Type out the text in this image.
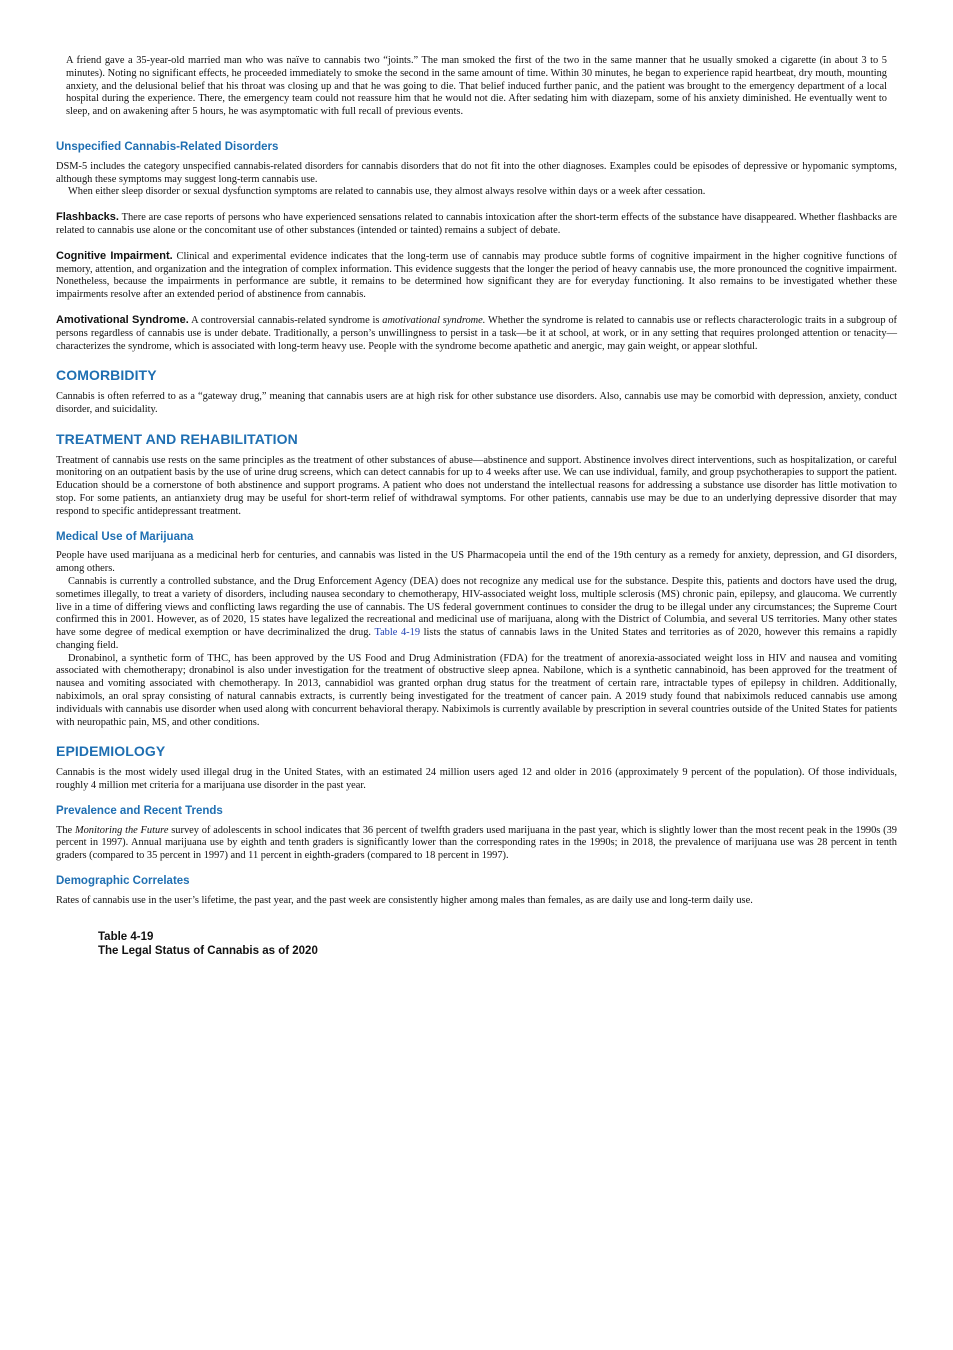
A friend gave a 35-year-old married man who was naïve to cannabis two “joints.” The man smoked the first of the two in the same manner that he usually smoked a cigarette (in about 3 to 5 minutes). Noting no significant effects, he proceeded immediately to smoke the second in the same amount of time. Within 30 minutes, he began to experience rapid heartbeat, dry mouth, mounting anxiety, and the delusional belief that his throat was closing up and that he was going to die. That belief induced further panic, and the patient was brought to the emergency department of a local hospital during the experience. There, the emergency team could not reassure him that he would not die. After sedating him with diazepam, some of his anxiety diminished. He eventually went to sleep, and on awakening after 5 hours, he was asymptomatic with full recall of previous events.

Unspecified Cannabis-Related Disorders

DSM-5 includes the category unspecified cannabis-related disorders for cannabis disorders that do not fit into the other diagnoses. Examples could be episodes of depressive or hypomanic symptoms, although these symptoms may suggest long-term cannabis use.

When either sleep disorder or sexual dysfunction symptoms are related to cannabis use, they almost always resolve within days or a week after cessation.

Flashbacks. There are case reports of persons who have experienced sensations related to cannabis intoxication after the short-term effects of the substance have disappeared. Whether flashbacks are related to cannabis use alone or the concomitant use of other substances (intended or tainted) remains a subject of debate.

Cognitive Impairment. Clinical and experimental evidence indicates that the long-term use of cannabis may produce subtle forms of cognitive impairment in the higher cognitive functions of memory, attention, and organization and the integration of complex information. This evidence suggests that the longer the period of heavy cannabis use, the more pronounced the cognitive impairment. Nonetheless, because the impairments in performance are subtle, it remains to be determined how significant they are for everyday functioning. It also remains to be investigated whether these impairments resolve after an extended period of abstinence from cannabis.

Amotivational Syndrome. A controversial cannabis-related syndrome is amotivational syndrome. Whether the syndrome is related to cannabis use or reflects characterologic traits in a subgroup of persons regardless of cannabis use is under debate. Traditionally, a person’s unwillingness to persist in a task—be it at school, at work, or in any setting that requires prolonged attention or tenacity—characterizes the syndrome, which is associated with long-term heavy use. People with the syndrome become apathetic and anergic, may gain weight, or appear slothful.

COMORBIDITY

Cannabis is often referred to as a “gateway drug,” meaning that cannabis users are at high risk for other substance use disorders. Also, cannabis use may be comorbid with depression, anxiety, conduct disorder, and suicidality.

TREATMENT AND REHABILITATION

Treatment of cannabis use rests on the same principles as the treatment of other substances of abuse—abstinence and support. Abstinence involves direct interventions, such as hospitalization, or careful monitoring on an outpatient basis by the use of urine drug screens, which can detect cannabis for up to 4 weeks after use. We can use individual, family, and group psychotherapies to support the patient. Education should be a cornerstone of both abstinence and support programs. A patient who does not understand the intellectual reasons for addressing a substance use disorder has little motivation to stop. For some patients, an antianxiety drug may be useful for short-term relief of withdrawal symptoms. For other patients, cannabis use may be due to an underlying depressive disorder that may respond to specific antidepressant treatment.

Medical Use of Marijuana

People have used marijuana as a medicinal herb for centuries, and cannabis was listed in the US Pharmacopeia until the end of the 19th century as a remedy for anxiety, depression, and GI disorders, among others.

Cannabis is currently a controlled substance, and the Drug Enforcement Agency (DEA) does not recognize any medical use for the substance. Despite this, patients and doctors have used the drug, sometimes illegally, to treat a variety of disorders, including nausea secondary to chemotherapy, HIV-associated weight loss, multiple sclerosis (MS) chronic pain, epilepsy, and glaucoma. We currently live in a time of differing views and conflicting laws regarding the use of cannabis. The US federal government continues to consider the drug to be illegal under any circumstances; the Supreme Court confirmed this in 2001. However, as of 2020, 15 states have legalized the recreational and medicinal use of marijuana, along with the District of Columbia, and several US territories. Many other states have some degree of medical exemption or have decriminalized the drug. Table 4-19 lists the status of cannabis laws in the United States and territories as of 2020, however this remains a rapidly changing field.

Dronabinol, a synthetic form of THC, has been approved by the US Food and Drug Administration (FDA) for the treatment of anorexia-associated weight loss in HIV and nausea and vomiting associated with chemotherapy; dronabinol is also under investigation for the treatment of obstructive sleep apnea. Nabilone, which is a synthetic cannabinoid, has been approved for the treatment of nausea and vomiting associated with chemotherapy. In 2013, cannabidiol was granted orphan drug status for the treatment of certain rare, intractable types of epilepsy in children. Additionally, nabiximols, an oral spray consisting of natural cannabis extracts, is currently being investigated for the treatment of cancer pain. A 2019 study found that nabiximols reduced cannabis use among individuals with cannabis use disorder when used along with concurrent behavioral therapy. Nabiximols is currently available by prescription in several countries outside of the United States for patients with neuropathic pain, MS, and other conditions.

EPIDEMIOLOGY

Cannabis is the most widely used illegal drug in the United States, with an estimated 24 million users aged 12 and older in 2016 (approximately 9 percent of the population). Of those individuals, roughly 4 million met criteria for a marijuana use disorder in the past year.

Prevalence and Recent Trends

The Monitoring the Future survey of adolescents in school indicates that 36 percent of twelfth graders used marijuana in the past year, which is slightly lower than the most recent peak in the 1990s (39 percent in 1997). Annual marijuana use by eighth and tenth graders is significantly lower than the corresponding rates in the 1990s; in 2018, the prevalence of marijuana use was 28 percent in tenth graders (compared to 35 percent in 1997) and 11 percent in eighth-graders (compared to 18 percent in 1997).

Demographic Correlates

Rates of cannabis use in the user’s lifetime, the past year, and the past week are consistently higher among males than females, as are daily use and long-term daily use.

Table 4-19
The Legal Status of Cannabis as of 2020
